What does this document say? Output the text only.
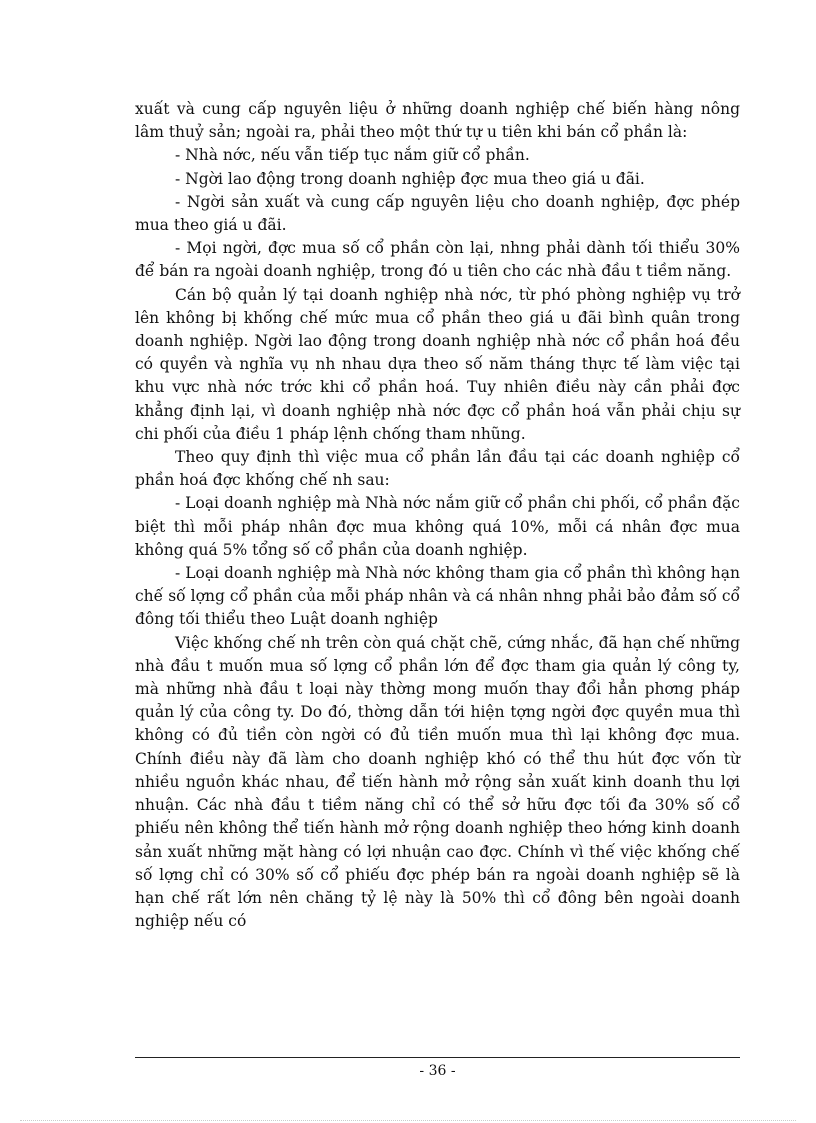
xuất và cung cấp nguyên liệu ở những doanh nghiệp chế biến hàng nông lâm thuỷ sản; ngoài ra, phải theo một thứ tự u tiên khi bán cổ phần là:

- Nhà nớc, nếu vẫn tiếp tục nắm giữ cổ phần.

- Ngời lao động trong doanh nghiệp đợc mua theo giá u đãi.

- Ngời sản xuất và cung cấp nguyên liệu cho doanh nghiệp, đợc phép mua theo giá u đãi.

- Mọi ngời, đợc mua số cổ phần còn lại, nhng phải dành tối thiểu 30% để bán ra ngoài doanh nghiệp, trong đó u tiên cho các nhà đầu t tiềm năng.

Cán bộ quản lý tại doanh nghiệp nhà nớc, từ phó phòng nghiệp vụ trở lên không bị khống chế mức mua cổ phần theo giá u đãi bình quân trong doanh nghiệp. Ngời lao động trong doanh nghiệp nhà nớc cổ phần hoá đều có quyền và nghĩa vụ nh nhau dựa theo số năm tháng thực tế làm việc tại khu vực nhà nớc trớc khi cổ phần hoá. Tuy nhiên điều này cần phải đợc khẳng định lại, vì doanh nghiệp nhà nớc đợc cổ phần hoá vẫn phải chịu sự chi phối của điều 1 pháp lệnh chống tham nhũng.

Theo quy định thì việc mua cổ phần lần đầu tại các doanh nghiệp cổ phần hoá đợc khống chế nh sau:

- Loại doanh nghiệp mà Nhà nớc nắm giữ cổ phần chi phối, cổ phần đặc biệt thì mỗi pháp nhân đợc mua không quá 10%, mỗi cá nhân đợc mua không quá 5% tổng số cổ phần của doanh nghiệp.

- Loại doanh nghiệp mà Nhà nớc không tham gia cổ phần thì không hạn chế số lợng cổ phần của mỗi pháp nhân và cá nhân nhng phải bảo đảm số cổ đông tối thiểu theo Luật doanh nghiệp

Việc khống chế nh trên còn quá chặt chẽ, cứng nhắc, đã hạn chế những nhà đầu t muốn mua số lợng cổ phần lớn để đợc tham gia quản lý công ty, mà những nhà đầu t loại này thờng mong muốn thay đổi hẳn phơng pháp quản lý của công ty. Do đó, thờng dẫn tới hiện tợng ngời đợc quyền mua thì không có đủ tiền còn ngời có đủ tiền muốn mua thì lại không đợc mua. Chính điều này đã làm cho doanh nghiệp khó có thể thu hút đợc vốn từ nhiều nguồn khác nhau, để tiến hành mở rộng sản xuất kinh doanh thu lợi nhuận. Các nhà đầu t tiềm năng chỉ có thể sở hữu đợc tối đa 30% số cổ phiếu nên không thể tiến hành mở rộng doanh nghiệp theo hớng kinh doanh sản xuất những mặt hàng có lợi nhuận cao đợc. Chính vì thế việc khống chế số lợng chỉ có 30% số cổ phiếu đợc phép bán ra ngoài doanh nghiệp sẽ là hạn chế rất lớn nên chăng tỷ lệ này là 50% thì cổ đông bên ngoài doanh nghiệp nếu có

- 36 -
